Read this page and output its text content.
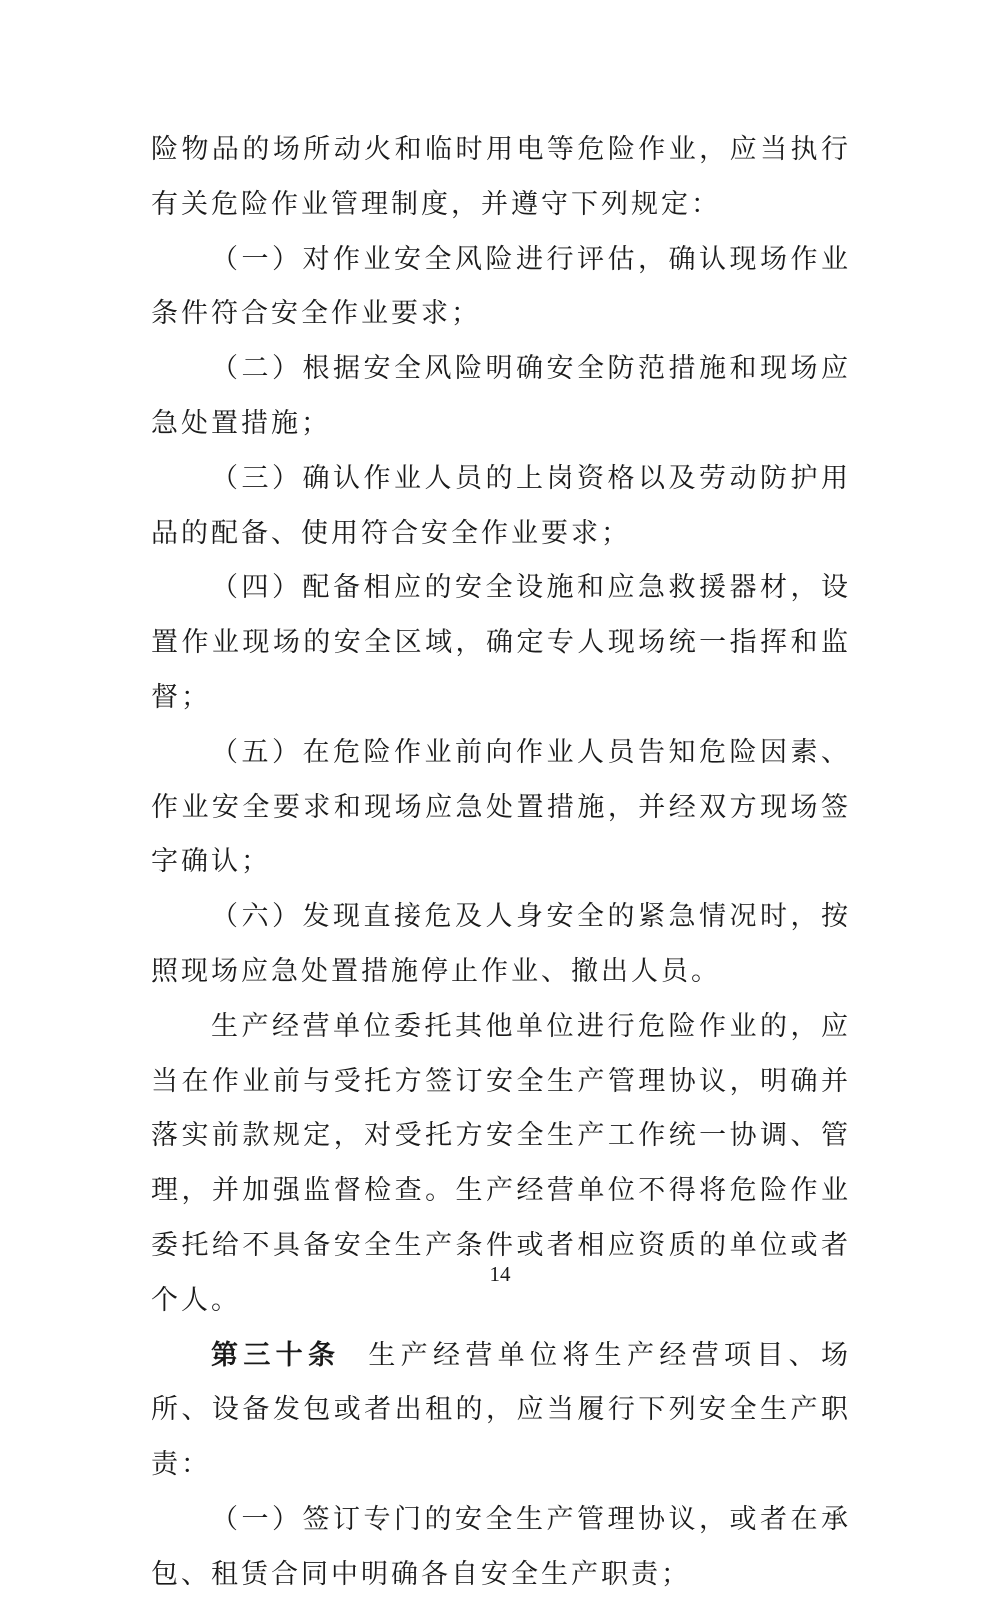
险物品的场所动火和临时用电等危险作业，应当执行有关危险作业管理制度，并遵守下列规定：

（一）对作业安全风险进行评估，确认现场作业条件符合安全作业要求；

（二）根据安全风险明确安全防范措施和现场应急处置措施；

（三）确认作业人员的上岗资格以及劳动防护用品的配备、使用符合安全作业要求；

（四）配备相应的安全设施和应急救援器材，设置作业现场的安全区域，确定专人现场统一指挥和监督；

（五）在危险作业前向作业人员告知危险因素、作业安全要求和现场应急处置措施，并经双方现场签字确认；

（六）发现直接危及人身安全的紧急情况时，按照现场应急处置措施停止作业、撤出人员。

生产经营单位委托其他单位进行危险作业的，应当在作业前与受托方签订安全生产管理协议，明确并落实前款规定，对受托方安全生产工作统一协调、管理，并加强监督检查。生产经营单位不得将危险作业委托给不具备安全生产条件或者相应资质的单位或者个人。

第三十条 生产经营单位将生产经营项目、场所、设备发包或者出租的，应当履行下列安全生产职责：

（一）签订专门的安全生产管理协议，或者在承包、租赁合同中明确各自安全生产职责；

14
